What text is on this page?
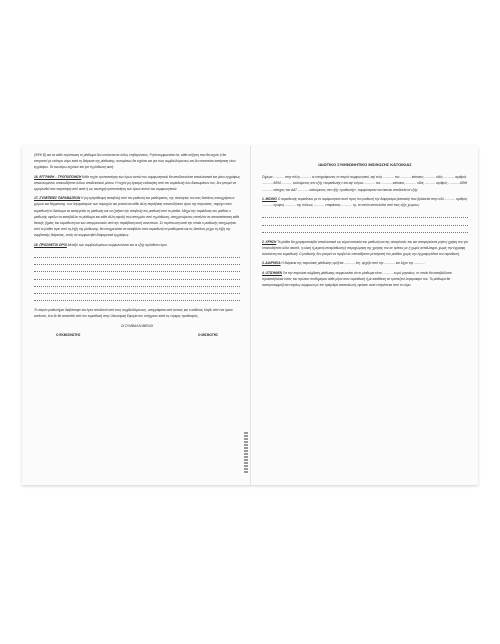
(ΦΕΚ Β) και σε κάθε περίπτωση το μίσθωμα δεν υπόκειται σε άλλες επιβαρύνσεις. Ρητά συμφωνείται ότι, κάθε αύξηση που θα ισχύει ή θα επιτραπεί με νεότερο νόμο κατά τη διάρκεια της μίσθωσης, αυτομάτως θα ισχύσει και για τους συμβαλλόμενους και δεν απαιτείται κατάρτιση νέου εγγράφου. Τα ανωτέρω ισχύουν και για τη μίσθωση αυτή.

16. ΕΓΓΡΑΦΗ – ΤΡΟΠΟΠΟΙΗΣΗ Κάθε τυχόν τροποποίηση των όρων αυτού του συμφωνητικού θα αποδεικνύεται αποκλειστικά και μόνο εγγράφως αποκλειομένου οποιουδήποτε άλλου αποδεικτικού μέσου. Η τυχόν μη έγκαιρη ενάσκηση από τον εκμισθωτή των δικαιωμάτων του, δεν μπορεί να ερμηνευθεί σαν παραίτηση από αυτά ή ως σιωπηρή τροποποίηση των όρων αυτού του συμφωνητικού.

17. ΣΥΝΕΠΕΙΕΣ ΠΑΡΑΒΑΣΕΩΝ Η μη εμπρόθεσμη καταβολή από τον μισθωτή του μισθώματος, της αναλογίας του στις δαπάνες κοινοχρήστων χώρων και θέρμανσης, των λογαριασμών των παροχών και γενικά και κάθε άλλη παράβαση οποιουδήποτε όρου της παρούσας, παρέχει στον εκμισθωτή το δικαίωμα να καταγγείλει τη μίσθωση και να ζητήσει την αποβολή του μισθωτή από το μίσθιο. Μέχρι την παράδοση του μισθίου ο μισθωτής οφείλει να καταβάλλει το μίσθωμα και κάθε άλλη οφειλή που απορρέει από τη μίσθωση, υποχρεούμενος επιπλέον σε αποκατάσταση κάθε θετικής ζημίας του εκμισθωτή και των απορρεουσών από την παράβαση αυτή συνεπειών. Σε περίπτωση κατά την οποία ο μισθωτής αποχωρήσει από το μίσθιο πριν από τη λήξη της μίσθωσης, θα υποχρεούται να καταβάλει στον εκμισθωτή τα μισθώματα και τις δαπάνες μέχρι τη λήξη της συμβατικής διάρκειας, εκτός αν συμφωνηθεί διαφορετικά εγγράφως.

18. ΠΡΟΣΘΕΤΟΙ ΟΡΟΙ Μεταξύ των συμβαλλομένων συμφωνούνται και οι εξής πρόσθετοι όροι:

Το παρόν μισθωτήριο διαβάστηκε και έγινε αποδεκτό από τους συμβαλλόμενους, υπογράφεται από αυτούς και ο καθένας έλαβε από ένα όμοιο αντίτυπο, ένα δε θα κατατεθεί από τον εκμισθωτή στην Οικονομική Εφορία του υπόχρεου κατά τις νόμιμες προθεσμίες.

ΟΙ ΣΥΜΒΑΛΛΟΜΕΝΟΙ
Ο ΕΚΜΙΣΘΩΤΗΣ	Ο ΜΙΣΘΩΤΗΣ
ΙΔΙΩΤΙΚΟ ΣΥΜΦΩΝΗΤΙΚΟ ΜΙΣΘΩΣΗΣ ΚΑΤΟΙΚΙΑΣ

Σήμερα ............ στην πόλη ............ οι υπογράφοντες το παρόν συμφωνητικό, αφ' ενός ............ του ............ κάτοικος ............ οδός ............ αριθμός ............ ΑΦΜ ............ καλούμενος στο εξής «εκμισθωτής» και αφ' ετέρου ............ του ............ κάτοικος ............ οδός ............ αριθμός ............ ΑΦΜ ............ κάτοχος του ΑΔΤ ............ καλούμενος στο εξής «μισθωτής», συμφώνησαν και έκαναν αποδεκτά τα εξής:

1. ΜΙΣΘΙΟ Ο εκμισθωτής εκμισθώνει με το συμφωνητικό αυτό προς τον μισθωτή την διαμέρισμα (κατοικία) που βρίσκεται στην οδό ............ αριθμός ............ όροφος ............ της πόλεως ............ επιφάνειας ............ τμ, το οποίο αποτελείται από τους εξής χώρους:

2. ΧΡΗΣΗ Το μίσθιο θα χρησιμοποιηθεί αποκλειστικά ως κύρια κατοικία του μισθωτή και της οικογένειάς του και απαγορεύεται ρητά η χρήση του για οποιονδήποτε άλλο σκοπό, η ολική ή μερική υπεκμίσθωση ή παραχώρηση της χρήσης του σε τρίτους με ή χωρίς αντάλλαγμα, χωρίς την έγγραφη συναίνεση του εκμισθωτή. Ο μισθωτής δεν μπορεί να προβεί σε οποιαδήποτε μετατροπή του μισθίου χωρίς την έγγραφη άδεια του εκμισθωτή.

3. ΔΙΑΡΚΕΙΑ Η διάρκεια της παρούσας μίσθωσης ορίζεται ............ έτη, αρχίζει από την ............ και λήγει την ............

4. ΟΤΙΣΗΘΕΝ Για την παρούσα σύμβαση μίσθωσης συμφωνείται ότι το μίσθωμα είναι ............ ευρώ μηνιαίως, το οποίο θα καταβάλλεται προκαταβολικά εντός του πρώτου πενθημέρου κάθε μήνα στον εκμισθωτή ή με κατάθεση σε τραπεζικό λογαριασμό του. Το μίσθωμα θα αναπροσαρμόζεται ετησίως σύμφωνα με τον τιμάριθμο καταναλωτή, εφόσον αυτό επιτρέπεται από το νόμο.
